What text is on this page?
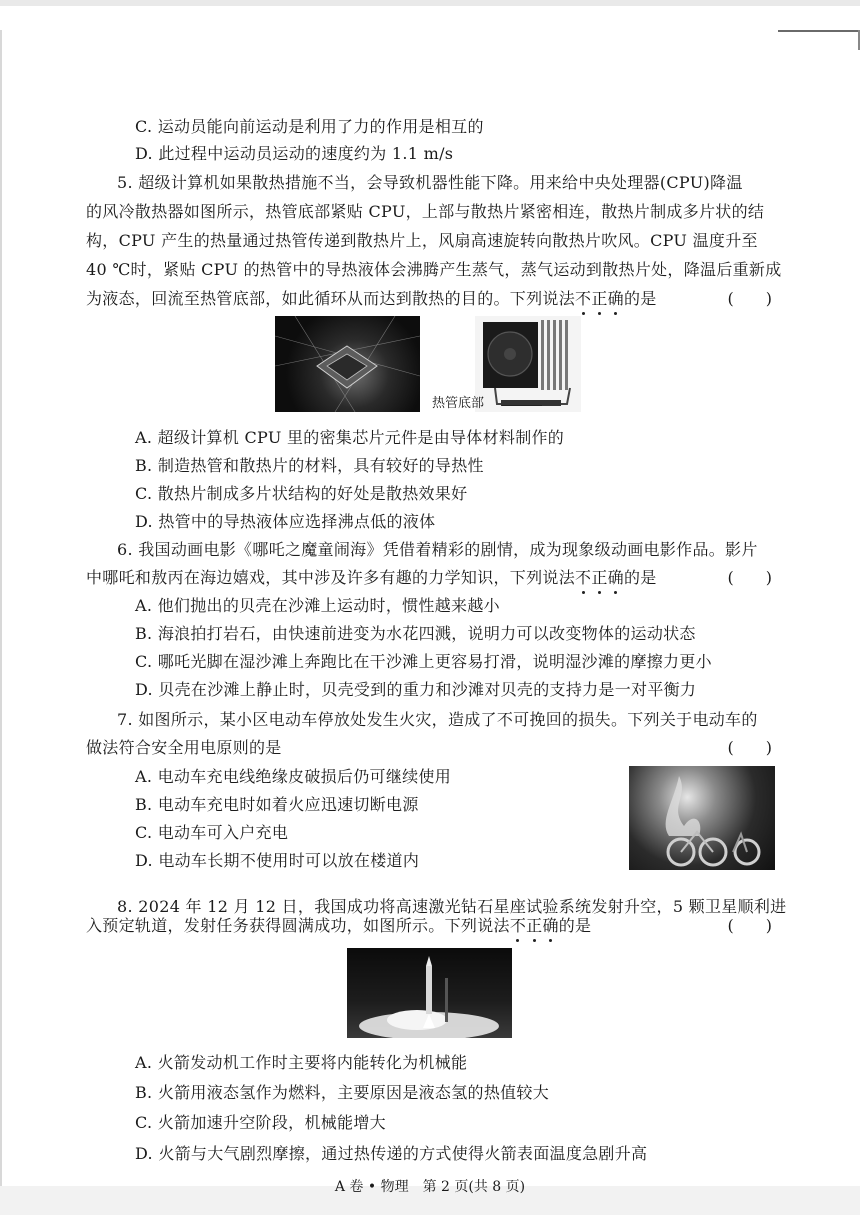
C. 运动员能向前运动是利用了力的作用是相互的
D. 此过程中运动员运动的速度约为 1.1 m/s
5. 超级计算机如果散热措施不当，会导致机器性能下降。用来给中央处理器(CPU)降温
的风冷散热器如图所示，热管底部紧贴 CPU，上部与散热片紧密相连，散热片制成多片状的结
构，CPU 产生的热量通过热管传递到散热片上，风扇高速旋转向散热片吹风。CPU 温度升至
40 ℃时，紧贴 CPU 的热管中的导热液体会沸腾产生蒸气，蒸气运动到散热片处，降温后重新成
为液态，回流至热管底部，如此循环从而达到散热的目的。下列说法不正确的是	(　　)
热管底部
A. 超级计算机 CPU 里的密集芯片元件是由导体材料制作的
B. 制造热管和散热片的材料，具有较好的导热性
C. 散热片制成多片状结构的好处是散热效果好
D. 热管中的导热液体应选择沸点低的液体
6. 我国动画电影《哪吒之魔童闹海》凭借着精彩的剧情，成为现象级动画电影作品。影片
中哪吒和敖丙在海边嬉戏，其中涉及许多有趣的力学知识，下列说法不正确的是	(　　)
A. 他们抛出的贝壳在沙滩上运动时，惯性越来越小
B. 海浪拍打岩石，由快速前进变为水花四溅，说明力可以改变物体的运动状态
C. 哪吒光脚在湿沙滩上奔跑比在干沙滩上更容易打滑，说明湿沙滩的摩擦力更小
D. 贝壳在沙滩上静止时，贝壳受到的重力和沙滩对贝壳的支持力是一对平衡力
7. 如图所示，某小区电动车停放处发生火灾，造成了不可挽回的损失。下列关于电动车的
做法符合安全用电原则的是	(　　)
A. 电动车充电线绝缘皮破损后仍可继续使用
B. 电动车充电时如着火应迅速切断电源
C. 电动车可入户充电
D. 电动车长期不使用时可以放在楼道内
8. 2024 年 12 月 12 日，我国成功将高速激光钻石星座试验系统发射升空，5 颗卫星顺利进
入预定轨道，发射任务获得圆满成功，如图所示。下列说法不正确的是	(　　)
A. 火箭发动机工作时主要将内能转化为机械能
B. 火箭用液态氢作为燃料，主要原因是液态氢的热值较大
C. 火箭加速升空阶段，机械能增大
D. 火箭与大气剧烈摩擦，通过热传递的方式使得火箭表面温度急剧升高
A 卷 • 物理　第 2 页(共 8 页)
